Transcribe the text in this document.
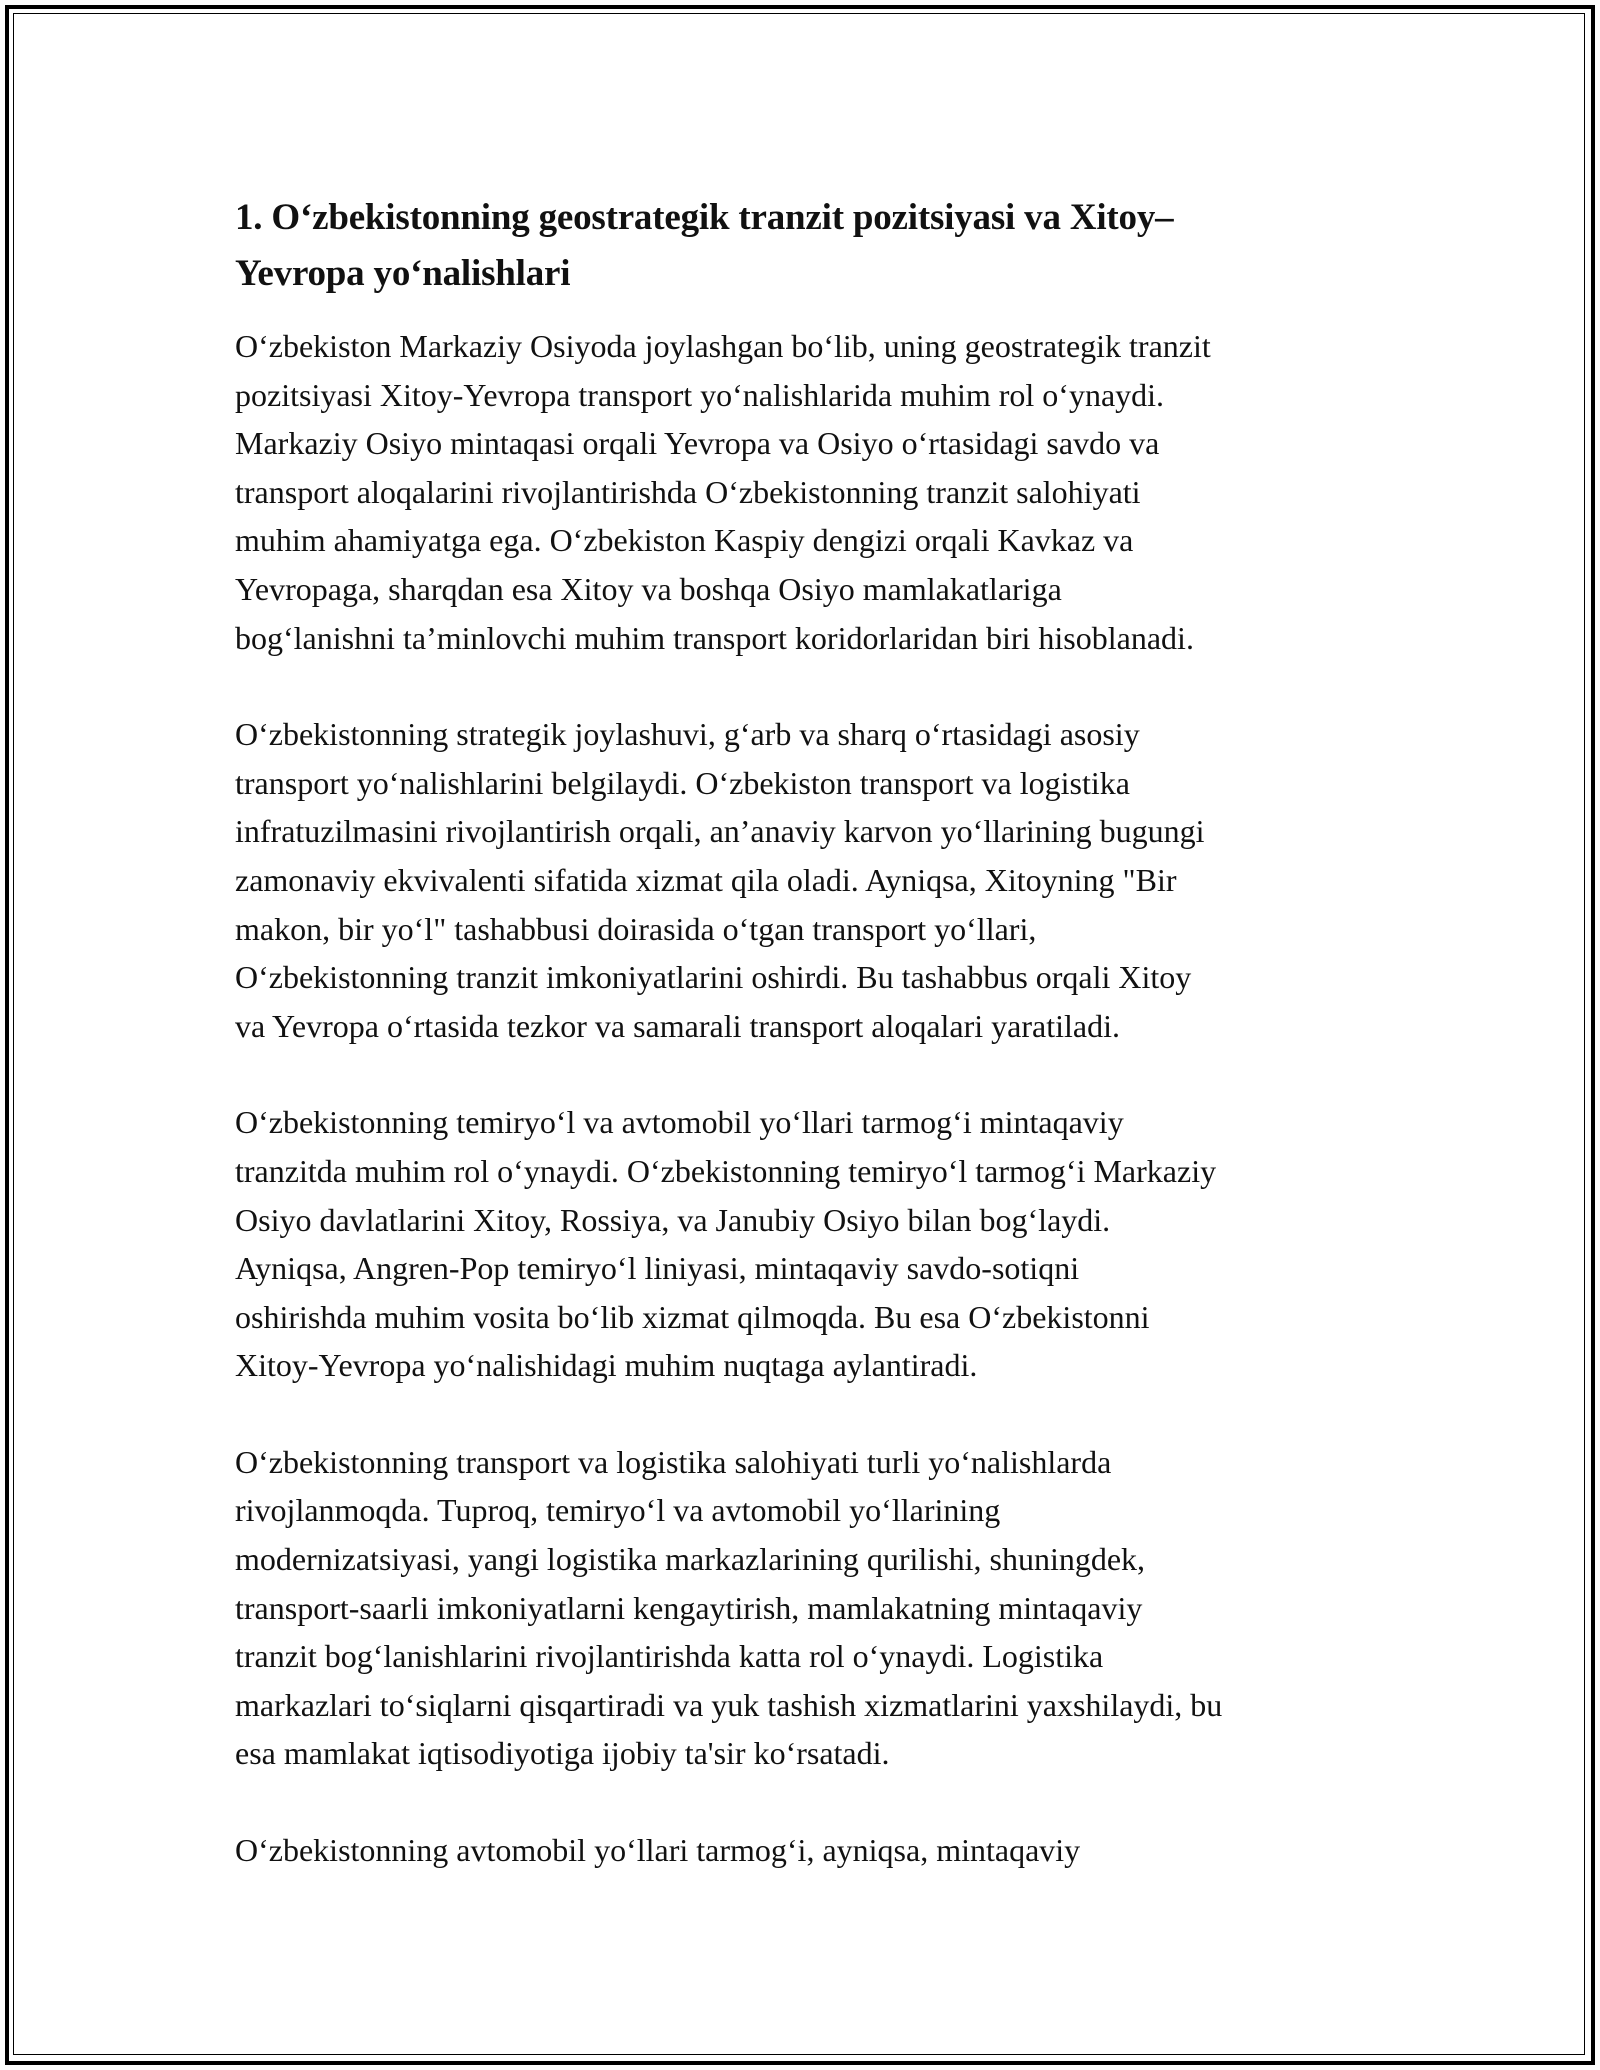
1. O‘zbekistonning geostrategik tranzit pozitsiyasi va Xitoy–
Yevropa yo‘nalishlari

O‘zbekiston Markaziy Osiyoda joylashgan bo‘lib, uning geostrategik tranzit
pozitsiyasi Xitoy-Yevropa transport yo‘nalishlarida muhim rol o‘ynaydi.
Markaziy Osiyo mintaqasi orqali Yevropa va Osiyo o‘rtasidagi savdo va
transport aloqalarini rivojlantirishda O‘zbekistonning tranzit salohiyati
muhim ahamiyatga ega. O‘zbekiston Kaspiy dengizi orqali Kavkaz va
Yevropaga, sharqdan esa Xitoy va boshqa Osiyo mamlakatlariga
bog‘lanishni ta’minlovchi muhim transport koridorlaridan biri hisoblanadi.

O‘zbekistonning strategik joylashuvi, g‘arb va sharq o‘rtasidagi asosiy
transport yo‘nalishlarini belgilaydi. O‘zbekiston transport va logistika
infratuzilmasini rivojlantirish orqali, an’anaviy karvon yo‘llarining bugungi
zamonaviy ekvivalenti sifatida xizmat qila oladi. Ayniqsa, Xitoyning "Bir
makon, bir yo‘l" tashabbusi doirasida o‘tgan transport yo‘llari,
O‘zbekistonning tranzit imkoniyatlarini oshirdi. Bu tashabbus orqali Xitoy
va Yevropa o‘rtasida tezkor va samarali transport aloqalari yaratiladi.

O‘zbekistonning temiryo‘l va avtomobil yo‘llari tarmog‘i mintaqaviy
tranzitda muhim rol o‘ynaydi. O‘zbekistonning temiryo‘l tarmog‘i Markaziy
Osiyo davlatlarini Xitoy, Rossiya, va Janubiy Osiyo bilan bog‘laydi.
Ayniqsa, Angren-Pop temiryo‘l liniyasi, mintaqaviy savdo-sotiqni
oshirishda muhim vosita bo‘lib xizmat qilmoqda. Bu esa O‘zbekistonni
Xitoy-Yevropa yo‘nalishidagi muhim nuqtaga aylantiradi.

O‘zbekistonning transport va logistika salohiyati turli yo‘nalishlarda
rivojlanmoqda. Tuproq, temiryo‘l va avtomobil yo‘llarining
modernizatsiyasi, yangi logistika markazlarining qurilishi, shuningdek,
transport-saarli imkoniyatlarni kengaytirish, mamlakatning mintaqaviy
tranzit bog‘lanishlarini rivojlantirishda katta rol o‘ynaydi. Logistika
markazlari to‘siqlarni qisqartiradi va yuk tashish xizmatlarini yaxshilaydi, bu
esa mamlakat iqtisodiyotiga ijobiy ta'sir ko‘rsatadi.

O‘zbekistonning avtomobil yo‘llari tarmog‘i, ayniqsa, mintaqaviy
